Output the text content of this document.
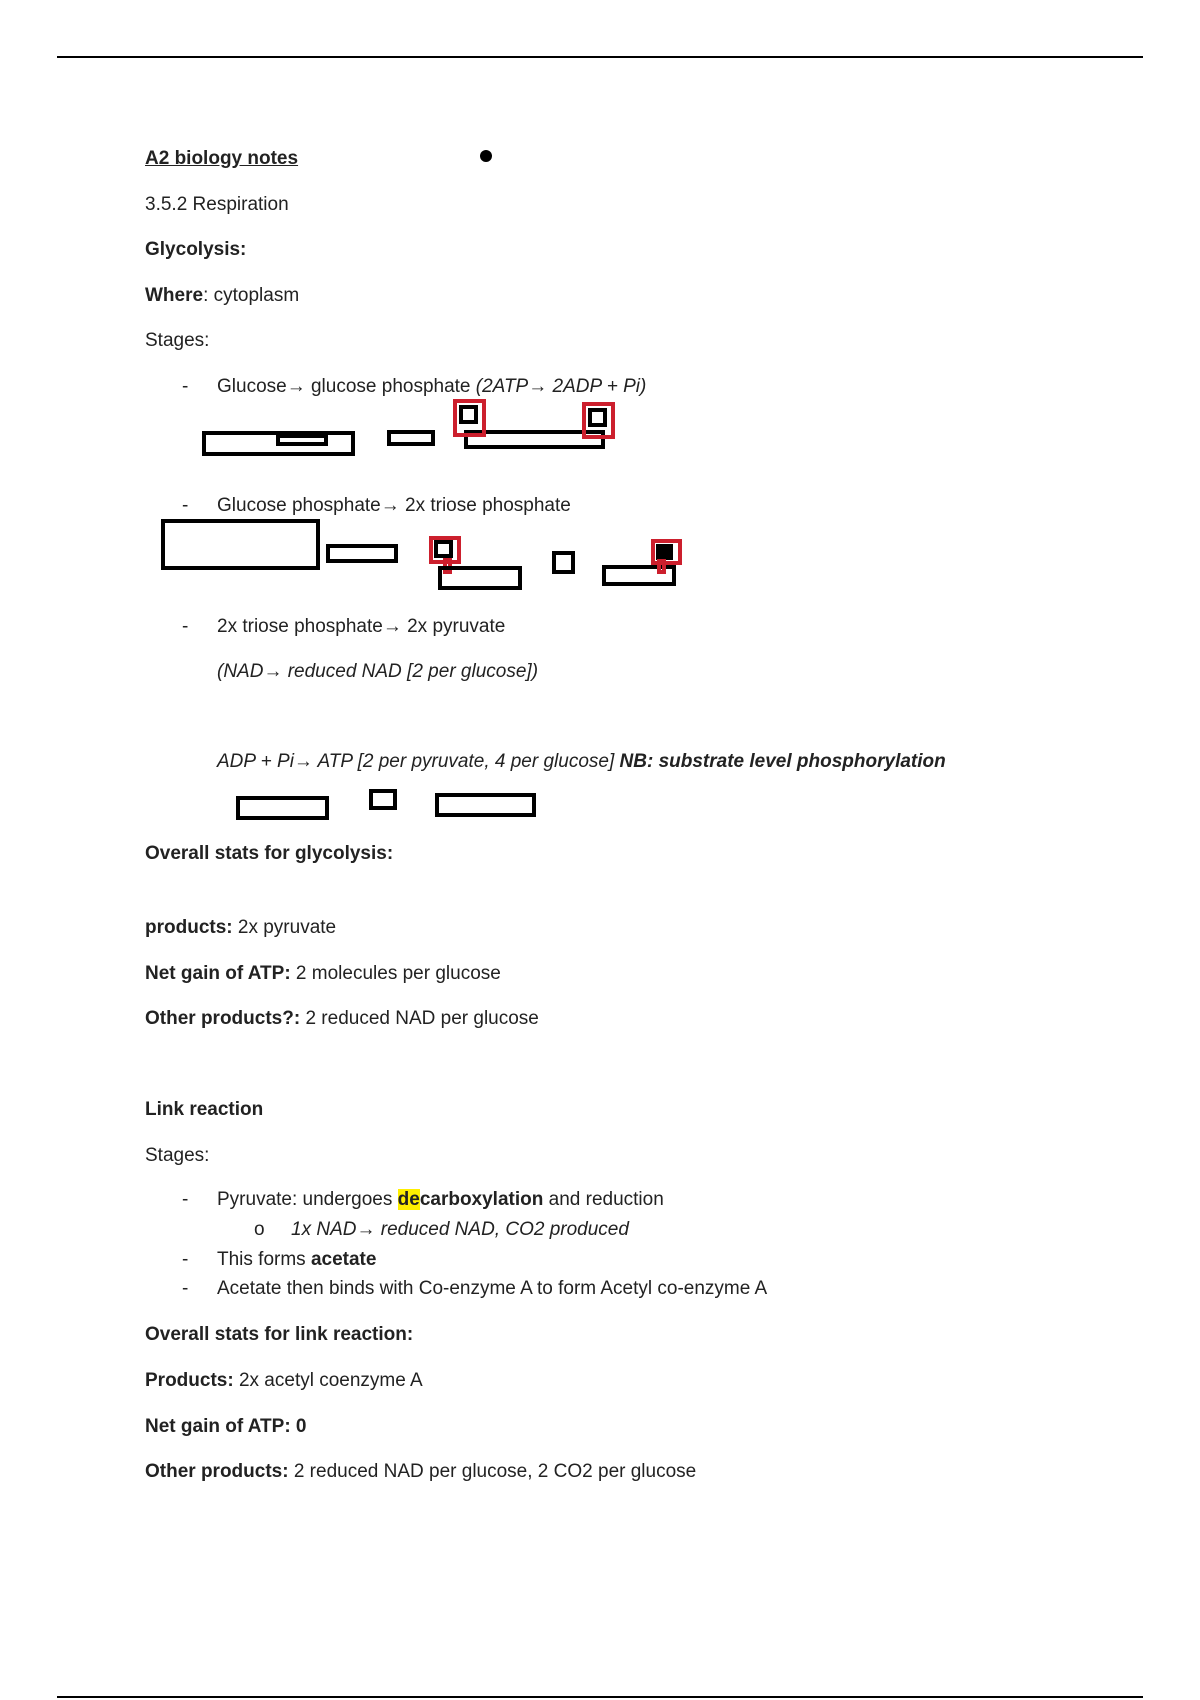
A2 biology notes
3.5.2 Respiration
Glycolysis:
Where: cytoplasm
Stages:
- Glucose→ glucose phosphate (2ATP→ 2ADP + Pi)
- Glucose phosphate→ 2x triose phosphate
- 2x triose phosphate→ 2x pyruvate
(NAD→ reduced NAD [2 per glucose])
ADP + Pi→ ATP [2 per pyruvate, 4 per glucose] NB: substrate level phosphorylation
Overall stats for glycolysis:
products: 2x pyruvate
Net gain of ATP: 2 molecules per glucose
Other products?: 2 reduced NAD per glucose
Link reaction
Stages:
- Pyruvate: undergoes decarboxylation and reduction
o 1x NAD→ reduced NAD, CO2 produced
- This forms acetate
- Acetate then binds with Co-enzyme A to form Acetyl co-enzyme A
Overall stats for link reaction:
Products: 2x acetyl coenzyme A
Net gain of ATP: 0
Other products: 2 reduced NAD per glucose, 2 CO2 per glucose
